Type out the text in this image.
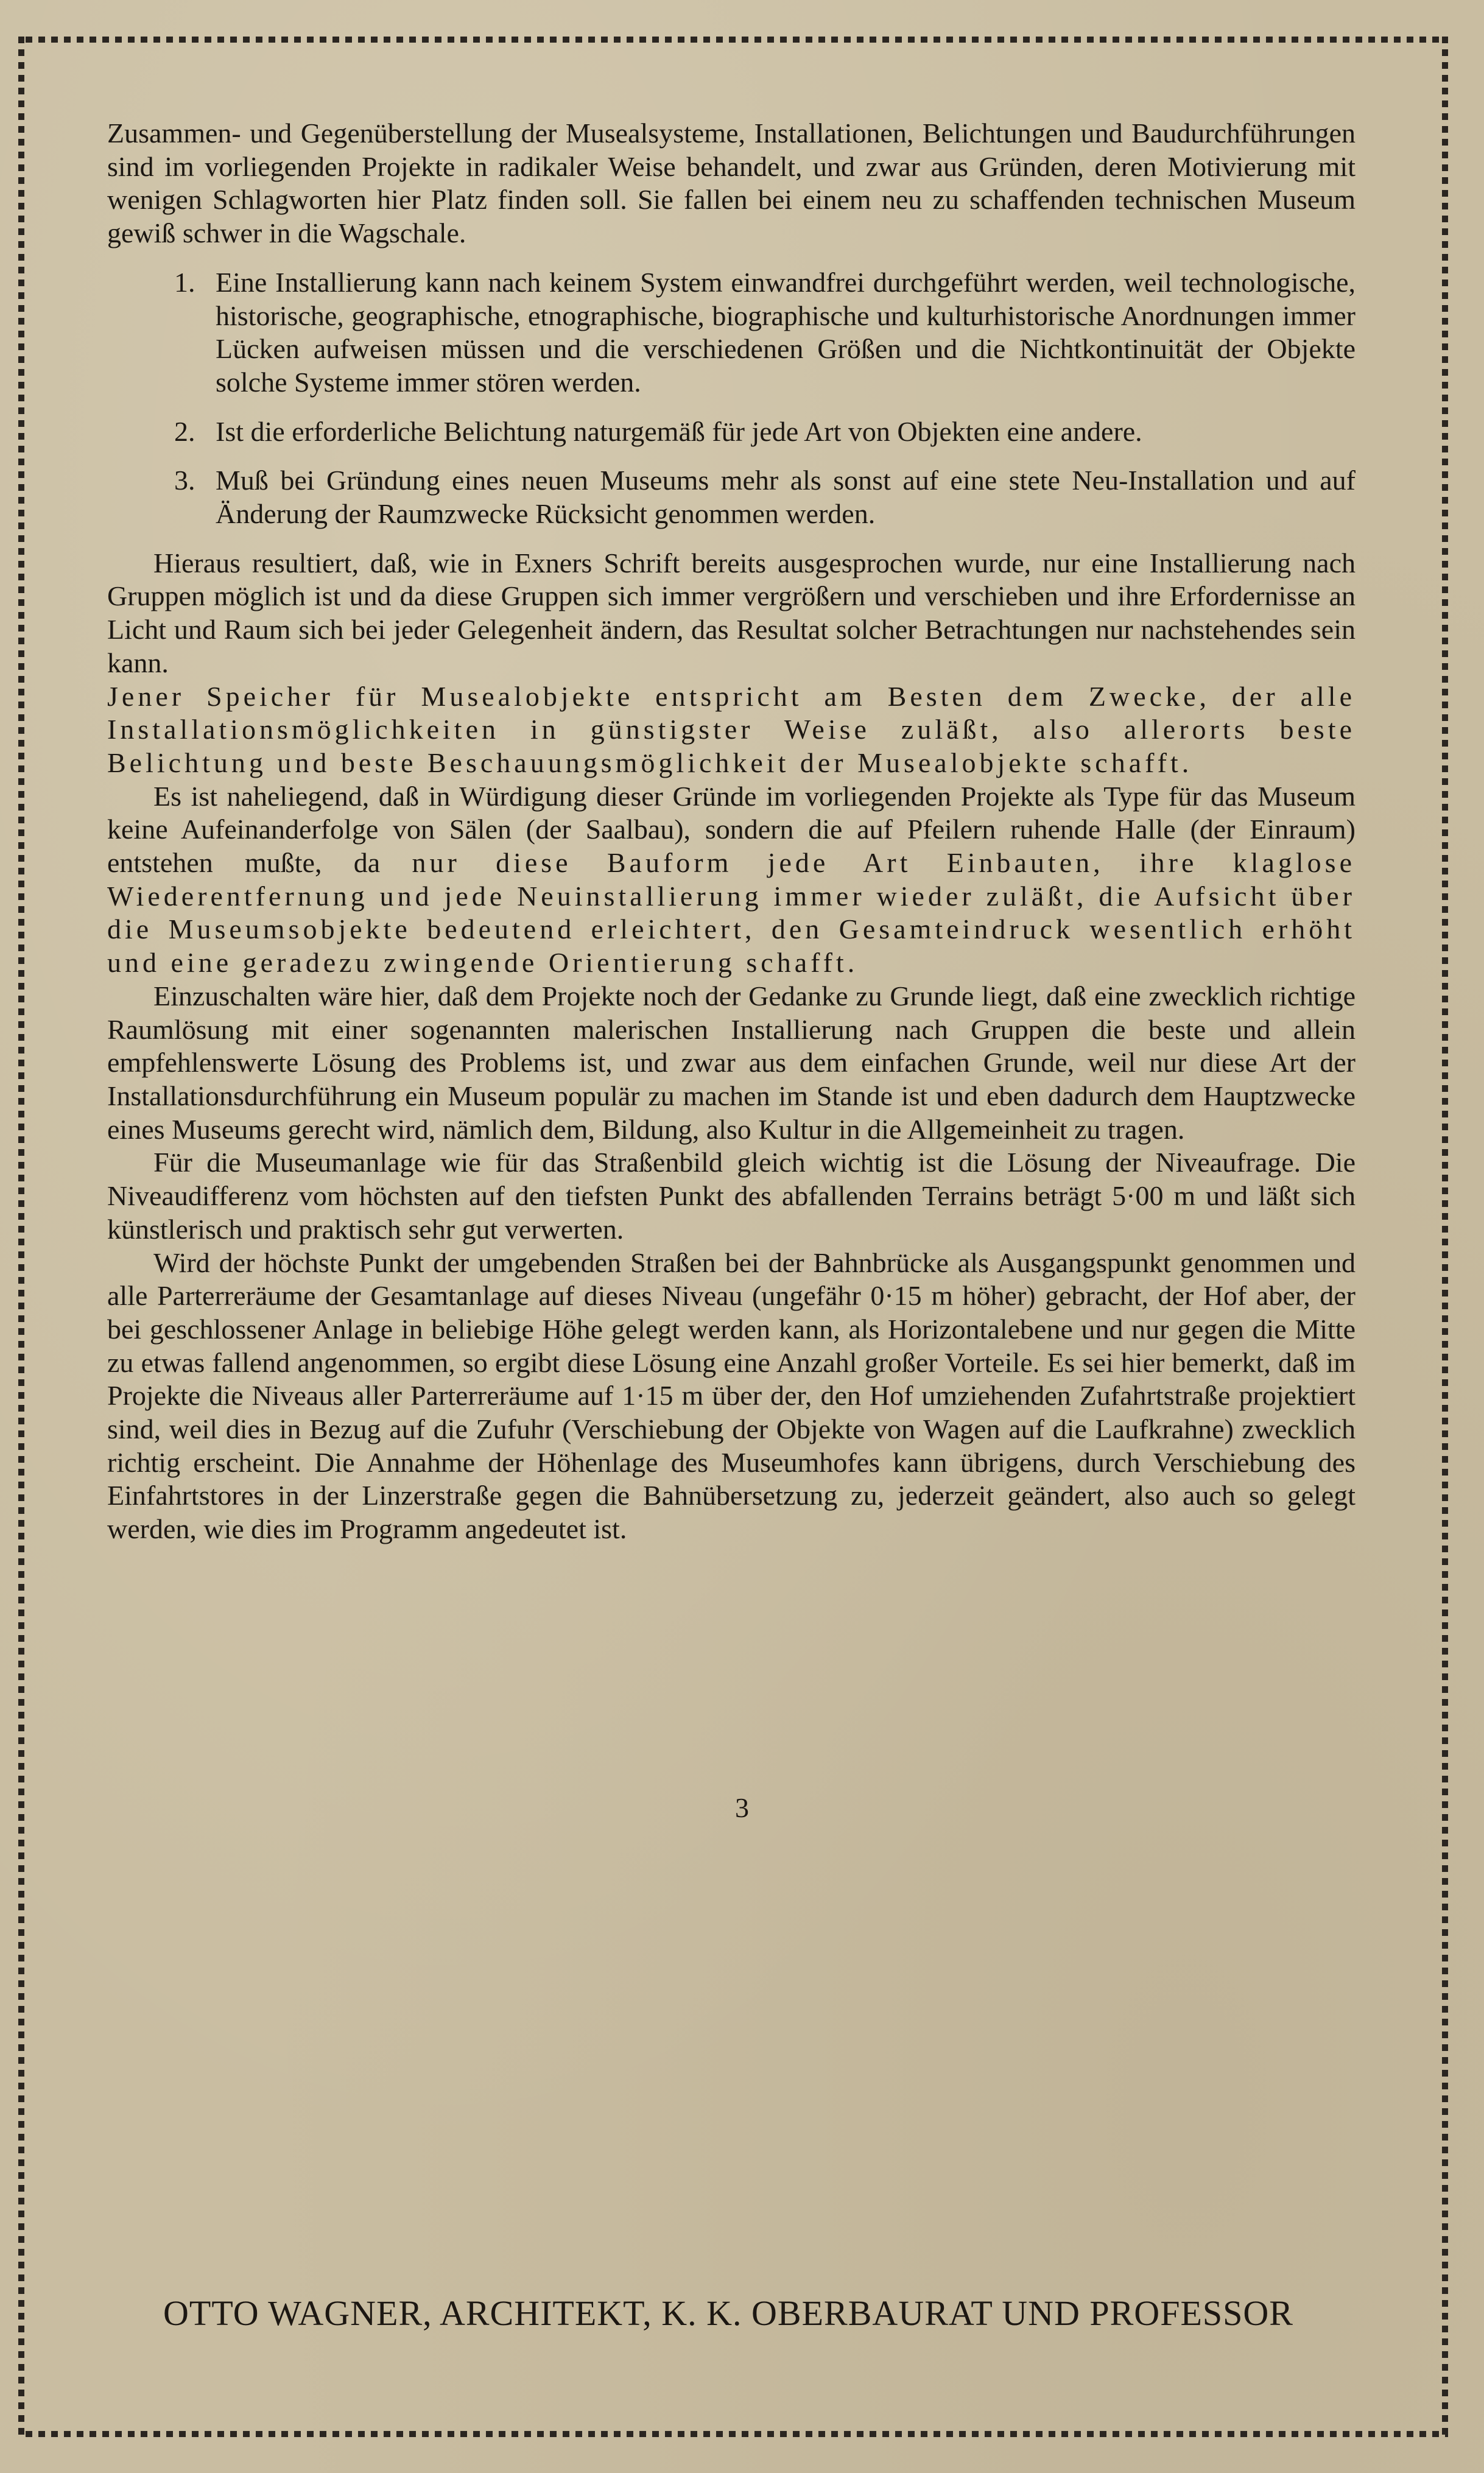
Zusammen- und Gegenüberstellung der Musealsysteme, Installationen, Belichtungen und Baudurchführungen sind im vorliegenden Projekte in radikaler Weise behandelt, und zwar aus Gründen, deren Motivierung mit wenigen Schlagworten hier Platz finden soll. Sie fallen bei einem neu zu schaffenden technischen Museum gewiß schwer in die Wagschale.

1. Eine Installierung kann nach keinem System einwandfrei durchgeführt werden, weil technologische, historische, geographische, etnographische, biographische und kulturhistorische Anordnungen immer Lücken aufweisen müssen und die verschiedenen Größen und die Nichtkontinuität der Objekte solche Systeme immer stören werden.
2. Ist die erforderliche Belichtung naturgemäß für jede Art von Objekten eine andere.
3. Muß bei Gründung eines neuen Museums mehr als sonst auf eine stete Neu-Installation und auf Änderung der Raumzwecke Rücksicht genommen werden.

Hieraus resultiert, daß, wie in Exners Schrift bereits ausgesprochen wurde, nur eine Installierung nach Gruppen möglich ist und da diese Gruppen sich immer vergrößern und verschieben und ihre Erfordernisse an Licht und Raum sich bei jeder Gelegenheit ändern, das Resultat solcher Betrachtungen nur nachstehendes sein kann.

Jener Speicher für Musealobjekte entspricht am Besten dem Zwecke, der alle Installationsmöglichkeiten in günstigster Weise zuläßt, also allerorts beste Belichtung und beste Beschauungsmöglichkeit der Musealobjekte schafft.

Es ist naheliegend, daß in Würdigung dieser Gründe im vorliegenden Projekte als Type für das Museum keine Aufeinanderfolge von Sälen (der Saalbau), sondern die auf Pfeilern ruhende Halle (der Einraum) entstehen mußte, da nur diese Bauform jede Art Einbauten, ihre klaglose Wiederentfernung und jede Neuinstallierung immer wieder zuläßt, die Aufsicht über die Museumsobjekte bedeutend erleichtert, den Gesamteindruck wesentlich erhöht und eine geradezu zwingende Orientierung schafft.

Einzuschalten wäre hier, daß dem Projekte noch der Gedanke zu Grunde liegt, daß eine zwecklich richtige Raumlösung mit einer sogenannten malerischen Installierung nach Gruppen die beste und allein empfehlenswerte Lösung des Problems ist, und zwar aus dem einfachen Grunde, weil nur diese Art der Installationsdurchführung ein Museum populär zu machen im Stande ist und eben dadurch dem Hauptzwecke eines Museums gerecht wird, nämlich dem, Bildung, also Kultur in die Allgemeinheit zu tragen.

Für die Museumanlage wie für das Straßenbild gleich wichtig ist die Lösung der Niveaufrage. Die Niveaudifferenz vom höchsten auf den tiefsten Punkt des abfallenden Terrains beträgt 5·00 m und läßt sich künstlerisch und praktisch sehr gut verwerten.

Wird der höchste Punkt der umgebenden Straßen bei der Bahnbrücke als Ausgangspunkt genommen und alle Parterreräume der Gesamtanlage auf dieses Niveau (ungefähr 0·15 m höher) gebracht, der Hof aber, der bei geschlossener Anlage in beliebige Höhe gelegt werden kann, als Horizontalebene und nur gegen die Mitte zu etwas fallend angenommen, so ergibt diese Lösung eine Anzahl großer Vorteile. Es sei hier bemerkt, daß im Projekte die Niveaus aller Parterreräume auf 1·15 m über der, den Hof umziehenden Zufahrtstraße projektiert sind, weil dies in Bezug auf die Zufuhr (Verschiebung der Objekte von Wagen auf die Laufkrahne) zwecklich richtig erscheint. Die Annahme der Höhenlage des Museumhofes kann übrigens, durch Verschiebung des Einfahrtstores in der Linzerstraße gegen die Bahnübersetzung zu, jederzeit geändert, also auch so gelegt werden, wie dies im Programm angedeutet ist.

3
OTTO WAGNER, ARCHITEKT, K. K. OBERBAURAT UND PROFESSOR
